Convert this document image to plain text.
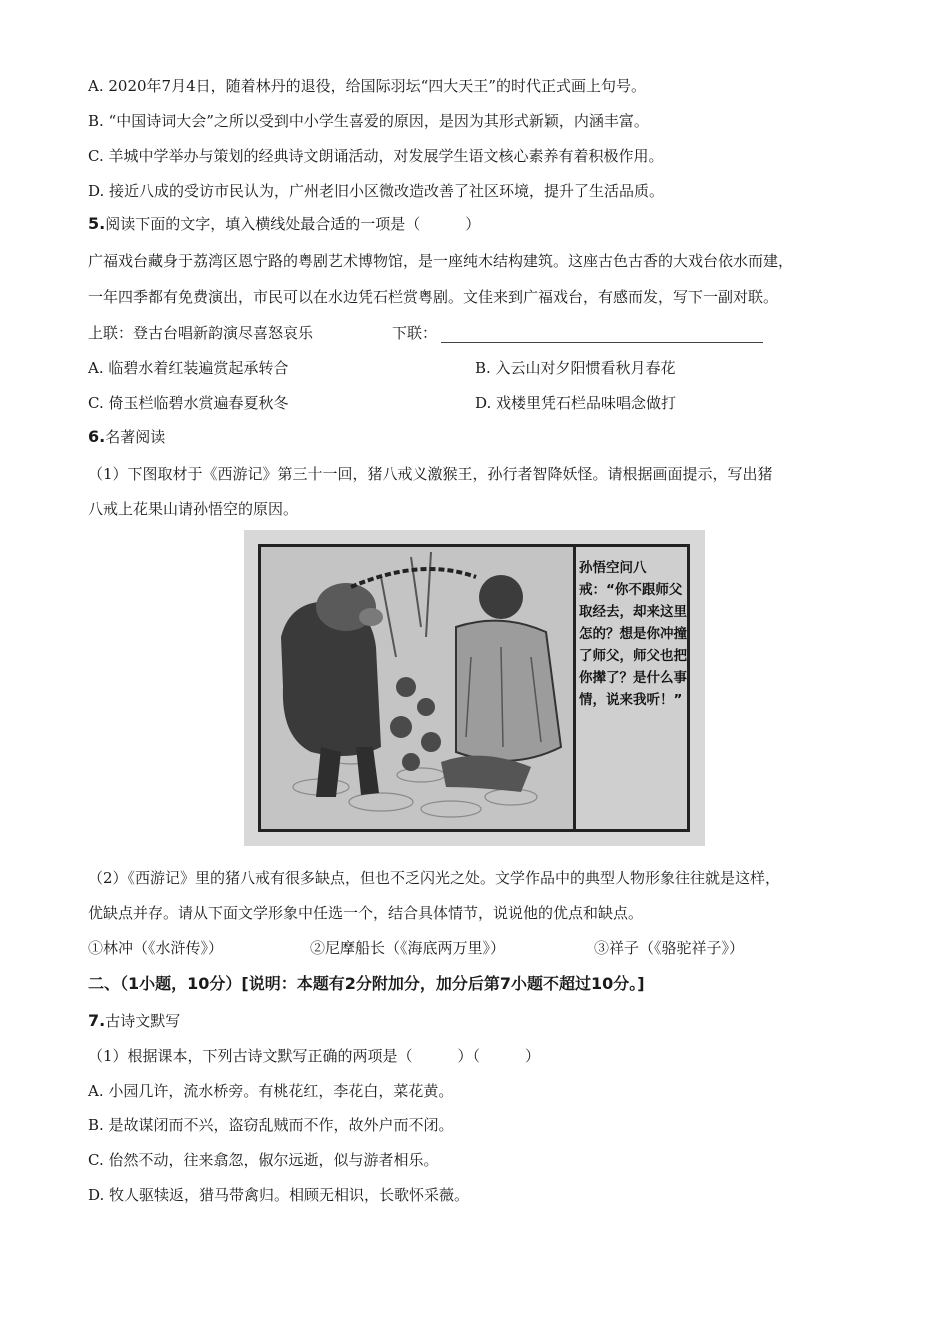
A. 2020年7月4日，随着林丹的退役，给国际羽坛“四大天王”的时代正式画上句号。
B. “中国诗词大会”之所以受到中小学生喜爱的原因，是因为其形式新颖，内涵丰富。
C. 羊城中学举办与策划的经典诗文朗诵活动，对发展学生语文核心素养有着积极作用。
D. 接近八成的受访市民认为，广州老旧小区微改造改善了社区环境，提升了生活品质。
5.阅读下面的文字，填入横线处最合适的一项是（　　　）
广福戏台藏身于荔湾区恩宁路的粤剧艺术博物馆，是一座纯木结构建筑。这座古色古香的大戏台依水而建，
一年四季都有免费演出，市民可以在水边凭石栏赏粤剧。文佳来到广福戏台，有感而发，写下一副对联。
上联：登古台唱新韵演尽喜怒哀乐	下联：
A. 临碧水着红装遍赏起承转合	B. 入云山对夕阳惯看秋月春花
C. 倚玉栏临碧水赏遍春夏秋冬	D. 戏楼里凭石栏品味唱念做打
6.名著阅读
（1）下图取材于《西游记》第三十一回，猪八戒义激猴王，孙行者智降妖怪。请根据画面提示，写出猪
八戒上花果山请孙悟空的原因。
孙悟空问八戒：“你不跟师父取经去，却来这里怎的？想是你冲撞了师父，师父也把你撵了？是什么事情，说来我听！”
（2）《西游记》里的猪八戒有很多缺点，但也不乏闪光之处。文学作品中的典型人物形象往往就是这样，
优缺点并存。请从下面文学形象中任选一个，结合具体情节，说说他的优点和缺点。
①林冲（《水浒传》）	②尼摩船长（《海底两万里》）	③祥子（《骆驼祥子》）
二、（1小题，10分）[说明：本题有2分附加分，加分后第7小题不超过10分。]
7.古诗文默写
（1）根据课本，下列古诗文默写正确的两项是（　　　）（　　　）
A. 小园几许，流水桥旁。有桃花红，李花白，菜花黄。
B. 是故谋闭而不兴，盗窃乱贼而不作，故外户而不闭。
C. 佁然不动，往来翕忽，俶尔远逝，似与游者相乐。
D. 牧人驱犊返，猎马带禽归。相顾无相识，长歌怀采薇。
